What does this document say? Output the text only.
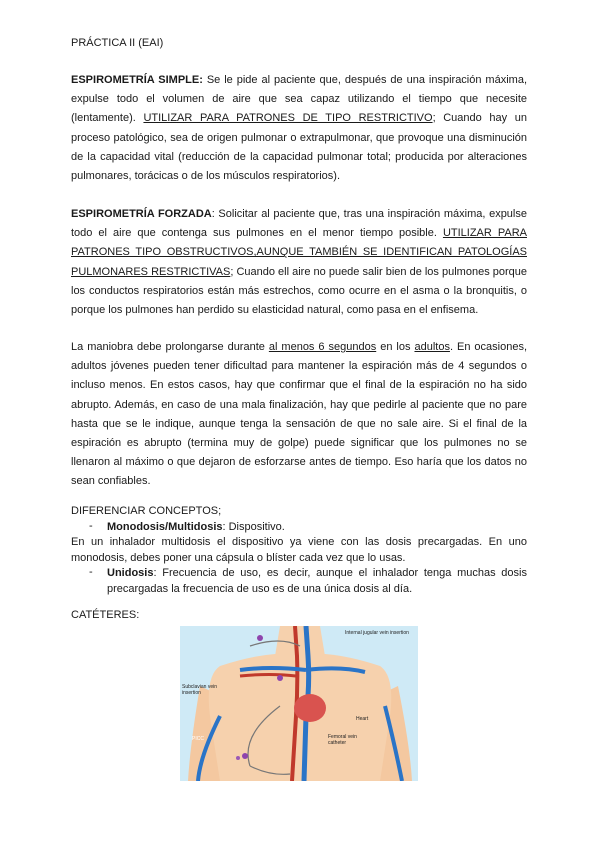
PRÁCTICA II (EAI)

ESPIROMETRÍA SIMPLE: Se le pide al paciente que, después de una inspiración máxima, expulse todo el volumen de aire que sea capaz utilizando el tiempo que necesite (lentamente). UTILIZAR PARA PATRONES DE TIPO RESTRICTIVO; Cuando hay un proceso patológico, sea de origen pulmonar o extrapulmonar, que provoque una disminución de la capacidad vital (reducción de la capacidad pulmonar total; producida por alteraciones pulmonares, torácicas o de los músculos respiratorios).

ESPIROMETRÍA FORZADA: Solicitar al paciente que, tras una inspiración máxima, expulse todo el aire que contenga sus pulmones en el menor tiempo posible. UTILIZAR PARA PATRONES TIPO OBSTRUCTIVOS,AUNQUE TAMBIÉN SE IDENTIFICAN PATOLOGÍAS PULMONARES RESTRICTIVAS; Cuando ell aire no puede salir bien de los pulmones porque los conductos respiratorios están más estrechos, como ocurre en el asma o la bronquitis, o porque los pulmones han perdido su elasticidad natural, como pasa en el enfisema.

La maniobra debe prolongarse durante al menos 6 segundos en los adultos. En ocasiones, adultos jóvenes pueden tener dificultad para mantener la espiración más de 4 segundos o incluso menos. En estos casos, hay que confirmar que el final de la espiración no ha sido abrupto. Además, en caso de una mala finalización, hay que pedirle al paciente que no pare hasta que se le indique, aunque tenga la sensación de que no sale aire. Si el final de la espiración es abrupto (termina muy de golpe) puede significar que los pulmones no se llenaron al máximo o que dejaron de esforzarse antes de tiempo. Eso haría que los datos no sean confiables.

DIFERENCIAR CONCEPTOS;
- Monodosis/Multidosis: Dispositivo.

En un inhalador multidosis el dispositivo ya viene con las dosis precargadas. En uno monodosis, debes poner una cápsula o blíster cada vez que lo usas.

- Unidosis: Frecuencia de uso, es decir, aunque el inhalador tenga muchas dosis precargadas la frecuencia de uso es de una única dosis al día.

CATÉTERES:
Internal jugular vein insertion
Subclavian vein insertion
PICC
Heart
Femoral vein catheter
